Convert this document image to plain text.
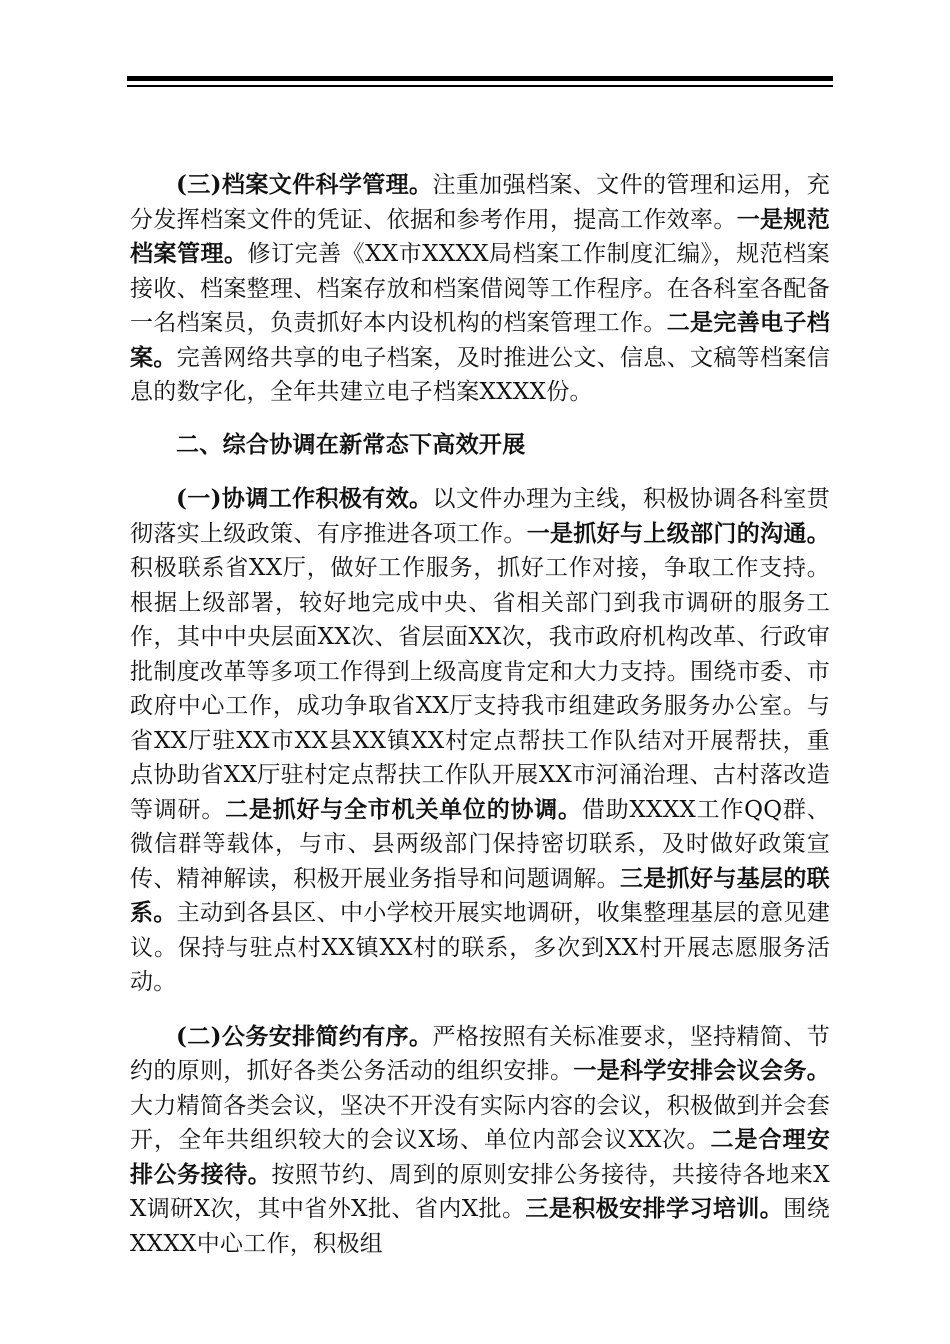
(三)档案文件科学管理。注重加强档案、文件的管理和运用，充分发挥档案文件的凭证、依据和参考作用，提高工作效率。一是规范档案管理。修订完善《XX市XXXX局档案工作制度汇编》，规范档案接收、档案整理、档案存放和档案借阅等工作程序。在各科室各配备一名档案员，负责抓好本内设机构的档案管理工作。二是完善电子档案。完善网络共享的电子档案，及时推进公文、信息、文稿等档案信息的数字化，全年共建立电子档案XXXX份。

二、综合协调在新常态下高效开展

(一)协调工作积极有效。以文件办理为主线，积极协调各科室贯彻落实上级政策、有序推进各项工作。一是抓好与上级部门的沟通。积极联系省XX厅，做好工作服务，抓好工作对接，争取工作支持。根据上级部署，较好地完成中央、省相关部门到我市调研的服务工作，其中中央层面XX次、省层面XX次，我市政府机构改革、行政审批制度改革等多项工作得到上级高度肯定和大力支持。围绕市委、市政府中心工作，成功争取省XX厅支持我市组建政务服务办公室。与省XX厅驻XX市XX县XX镇XX村定点帮扶工作队结对开展帮扶，重点协助省XX厅驻村定点帮扶工作队开展XX市河涌治理、古村落改造等调研。二是抓好与全市机关单位的协调。借助XXXX工作QQ群、微信群等载体，与市、县两级部门保持密切联系，及时做好政策宣传、精神解读，积极开展业务指导和问题调解。三是抓好与基层的联系。主动到各县区、中小学校开展实地调研，收集整理基层的意见建议。保持与驻点村XX镇XX村的联系，多次到XX村开展志愿服务活动。

(二)公务安排简约有序。严格按照有关标准要求，坚持精简、节约的原则，抓好各类公务活动的组织安排。一是科学安排会议会务。大力精简各类会议，坚决不开没有实际内容的会议，积极做到并会套开，全年共组织较大的会议X场、单位内部会议XX次。二是合理安排公务接待。按照节约、周到的原则安排公务接待，共接待各地来XX调研X次，其中省外X批、省内X批。三是积极安排学习培训。围绕XXXX中心工作，积极组
